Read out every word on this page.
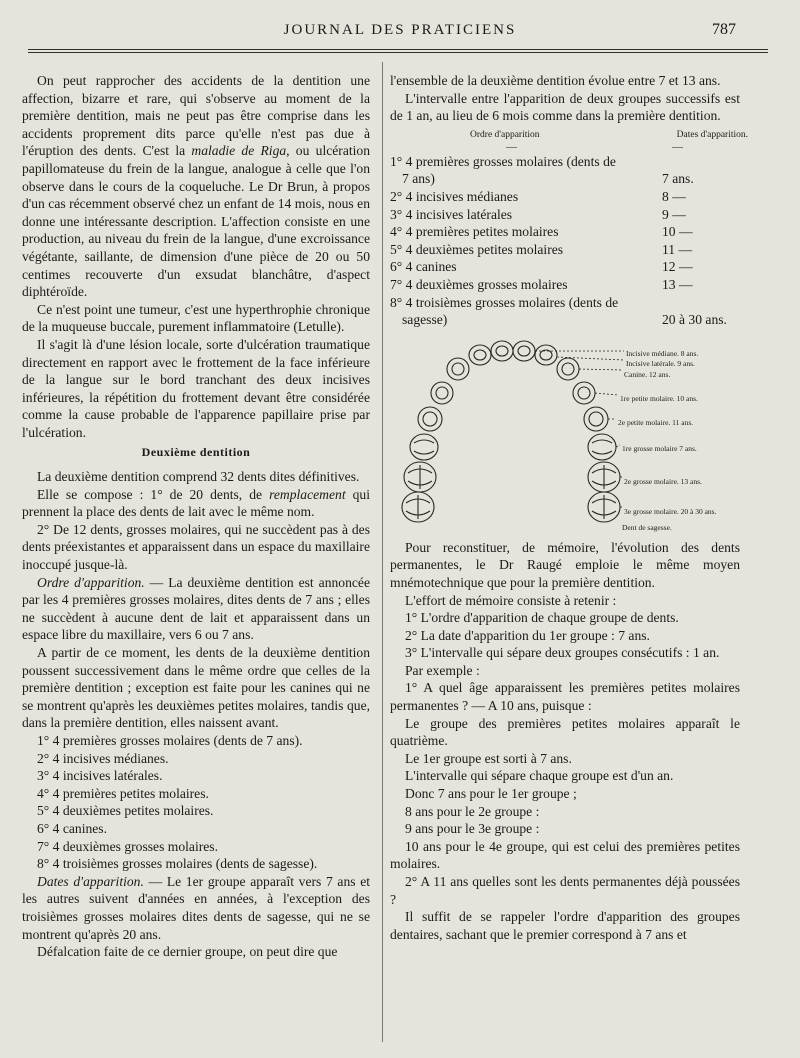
JOURNAL DES PRATICIENS	787

On peut rapprocher des accidents de la dentition une affection, bizarre et rare, qui s'observe au moment de la première dentition, mais ne peut pas être comprise dans les accidents proprement dits parce qu'elle n'est pas due à l'éruption des dents. C'est la maladie de Riga, ou ulcération papillomateuse du frein de la langue, analogue à celle que l'on observe dans le cours de la coqueluche. Le Dr Brun, à propos d'un cas récemment observé chez un enfant de 14 mois, nous en donne une intéressante description. L'affection consiste en une production, au niveau du frein de la langue, d'une excroissance végétante, saillante, de dimension d'une pièce de 20 ou 50 centimes recouverte d'un exsudat blanchâtre, d'aspect diphtéroïde.

Ce n'est point une tumeur, c'est une hyperthrophie chronique de la muqueuse buccale, purement inflammatoire (Letulle).

Il s'agit là d'une lésion locale, sorte d'ulcération traumatique directement en rapport avec le frottement de la face inférieure de la langue sur le bord tranchant des deux incisives inférieures, la répétition du frottement devant être considérée comme la cause probable de l'apparence papillaire prise par l'ulcération.

Deuxième dentition

La deuxième dentition comprend 32 dents dites définitives.

Elle se compose : 1° de 20 dents, de remplacement qui prennent la place des dents de lait avec le même nom.

2° De 12 dents, grosses molaires, qui ne succèdent pas à des dents préexistantes et apparaissent dans un espace du maxillaire inoccupé jusque-là.

Ordre d'apparition. — La deuxième dentition est annoncée par les 4 premières grosses molaires, dites dents de 7 ans ; elles ne succèdent à aucune dent de lait et apparaissent dans un espace libre du maxillaire, vers 6 ou 7 ans.

A partir de ce moment, les dents de la deuxième dentition poussent successivement dans le même ordre que celles de la première dentition ; exception est faite pour les canines qui ne se montrent qu'après les deuxièmes petites molaires, tandis que, dans la première dentition, elles naissent avant.

1° 4 premières grosses molaires (dents de 7 ans).

2° 4 incisives médianes.

3° 4 incisives latérales.

4° 4 premières petites molaires.

5° 4 deuxièmes petites molaires.

6° 4 canines.

7° 4 deuxièmes grosses molaires.

8° 4 troisièmes grosses molaires (dents de sagesse).

Dates d'apparition. — Le 1er groupe apparaît vers 7 ans et les autres suivent d'années en années, à l'exception des troisièmes grosses molaires dites dents de sagesse, qui ne se montrent qu'après 20 ans.

Défalcation faite de ce dernier groupe, on peut dire que

l'ensemble de la deuxième dentition évolue entre 7 et 13 ans.

L'intervalle entre l'apparition de deux groupes successifs est de 1 an, au lieu de 6 mois comme dans la première dentition.

Ordre d'apparition	Dates d'apparition.
—	—
1° 4 premières grosses molaires (dents de
7 ans)	7 ans.
2° 4 incisives médianes	8 —
3° 4 incisives latérales	9 —
4° 4 premières petites molaires	10 —
5° 4 deuxièmes petites molaires	11 —
6° 4 canines	12 —
7° 4 deuxièmes grosses molaires	13 —
8° 4 troisièmes grosses molaires (dents de
sagesse)	20 à 30 ans.
Incisive médiane. 8 ans.
Incisive latérale. 9 ans.
Canine. 12 ans.
1re petite molaire. 10 ans.
2e petite molaire. 11 ans.
1re grosse molaire 7 ans.
2e grosse molaire. 13 ans.
3e grosse molaire. 20 à 30 ans.
Dent de sagesse.

Pour reconstituer, de mémoire, l'évolution des dents permanentes, le Dr Raugé emploie le même moyen mnémotechnique que pour la première dentition.

L'effort de mémoire consiste à retenir :

1° L'ordre d'apparition de chaque groupe de dents.

2° La date d'apparition du 1er groupe : 7 ans.

3° L'intervalle qui sépare deux groupes consécutifs : 1 an.

Par exemple :

1° A quel âge apparaissent les premières petites molaires permanentes ? — A 10 ans, puisque :

Le groupe des premières petites molaires apparaît le quatrième.

Le 1er groupe est sorti à 7 ans.

L'intervalle qui sépare chaque groupe est d'un an.

Donc 7 ans pour le 1er groupe ;

8 ans pour le 2e groupe :

9 ans pour le 3e groupe :

10 ans pour le 4e groupe, qui est celui des premières petites molaires.

2° A 11 ans quelles sont les dents permanentes déjà poussées ?

Il suffit de se rappeler l'ordre d'apparition des groupes dentaires, sachant que le premier correspond à 7 ans et
